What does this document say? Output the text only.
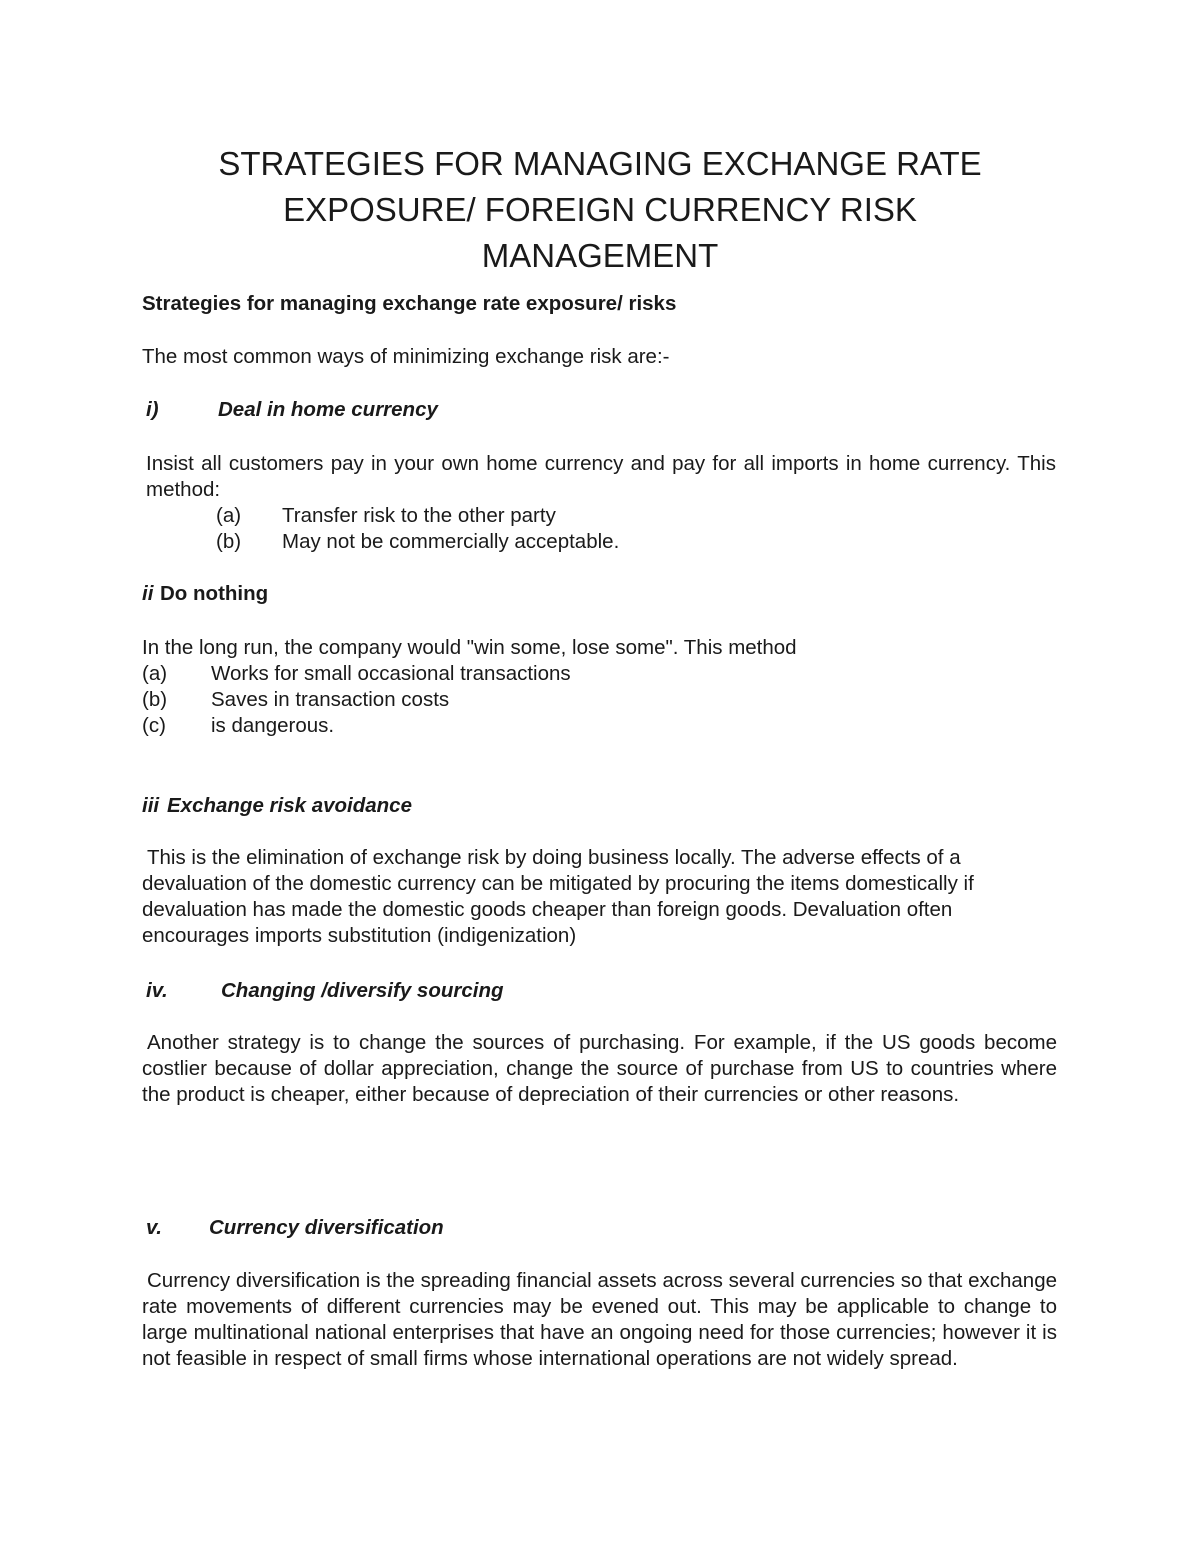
STRATEGIES FOR MANAGING EXCHANGE RATE
EXPOSURE/ FOREIGN CURRENCY RISK
MANAGEMENT

Strategies for managing exchange rate exposure/ risks

The most common ways of minimizing exchange risk are:-

i)	Deal in home currency

Insist all customers pay in your own home currency and pay for all imports in home currency. This method:

(a) Transfer risk to the other party
(b) May not be commercially acceptable.
ii Do nothing

In the long run, the company would "win some, lose some". This method

(a) Works for small occasional transactions
(b) Saves in transaction costs
(c) is dangerous.
iii Exchange risk avoidance

This is the elimination of exchange risk by doing business locally. The adverse effects of a devaluation of the domestic currency can be mitigated by procuring the items domestically if devaluation has made the domestic goods cheaper than foreign goods. Devaluation often encourages imports substitution (indigenization)

iv.	Changing /diversify sourcing

Another strategy is to change the sources of purchasing. For example, if the US goods become costlier because of dollar appreciation, change the source of purchase from US to countries where the product is cheaper, either because of depreciation of their currencies or other reasons.

v. Currency diversification

Currency diversification is the spreading financial assets across several currencies so that exchange rate movements of different currencies may be evened out. This may be applicable to change to large multinational national enterprises that have an ongoing need for those currencies; however it is not feasible in respect of small firms whose international operations are not widely spread.
